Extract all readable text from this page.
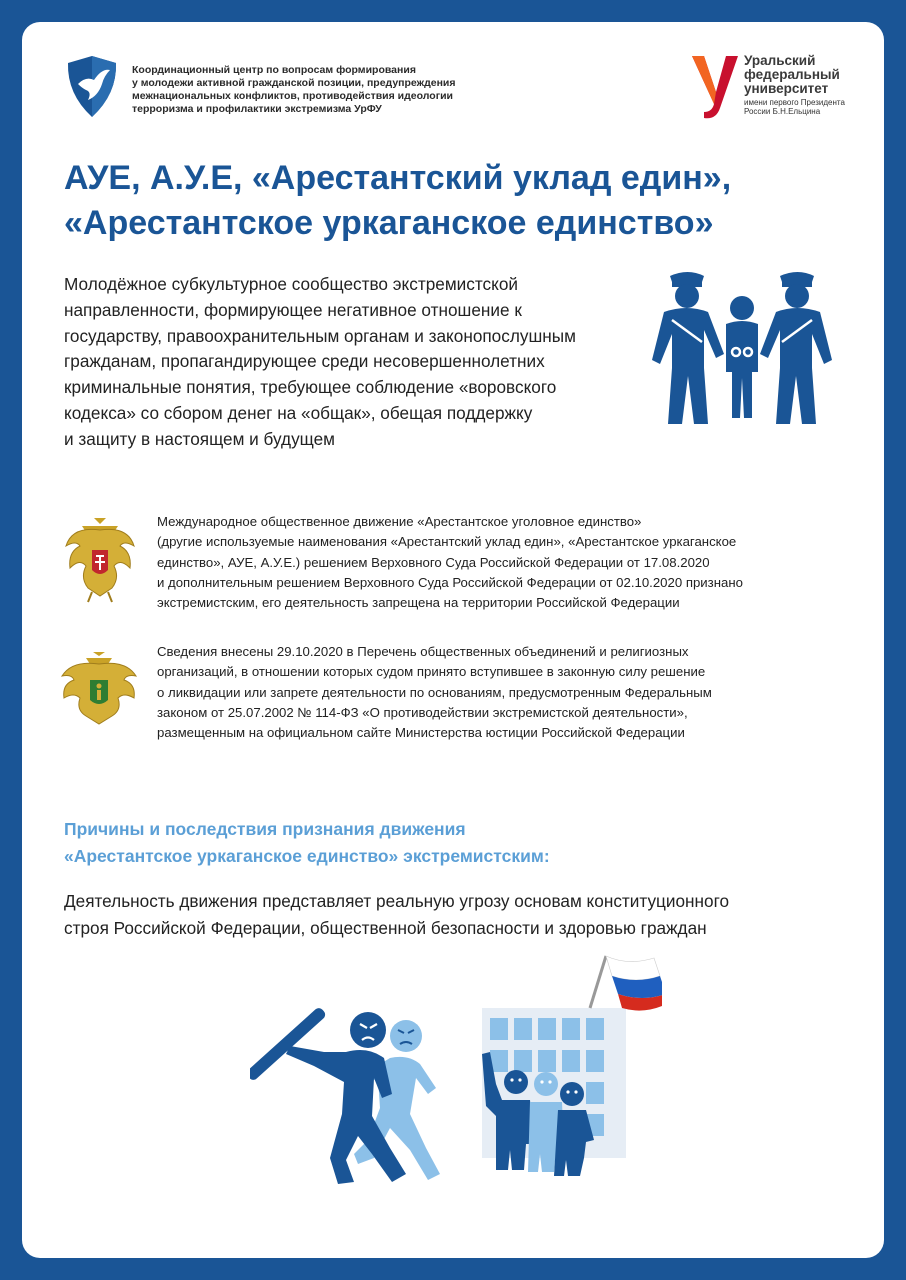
Координационный центр по вопросам формирования
у молодежи активной гражданской позиции, предупреждения
межнациональных конфликтов, противодействия идеологии
терроризма и профилактики экстремизма УрФУ
Уральский
федеральный
университет
имени первого Президента
России Б.Н.Ельцина
АУЕ, А.У.Е, «Арестантский уклад един»,
«Арестантское уркаганское единство»
Молодёжное субкультурное сообщество экстремистской
направленности, формирующее негативное отношение к
государству, правоохранительным органам и законопослушным
гражданам, пропагандирующее среди несовершеннолетних
криминальные понятия, требующее соблюдение «воровского
кодекса» со сбором денег на «общак», обещая поддержку
и защиту в настоящем и будущем
Международное общественное движение «Арестантское уголовное единство»
(другие используемые наименования «Арестантский уклад един», «Арестантское уркаганское
единство», АУЕ, А.У.Е.) решением Верховного Суда Российской Федерации от 17.08.2020
и дополнительным решением Верховного Суда Российской Федерации от 02.10.2020 признано
экстремистским, его деятельность запрещена на территории Российской Федерации
Сведения внесены 29.10.2020 в Перечень общественных объединений и религиозных
организаций, в отношении которых судом принято вступившее в законную силу решение
о ликвидации или запрете деятельности по основаниям, предусмотренным Федеральным
законом от 25.07.2002 № 114-ФЗ «О противодействии экстремистской деятельности»,
размещенным на официальном сайте Министерства юстиции Российской Федерации
Причины и последствия признания движения
«Арестантское уркаганское единство» экстремистским:
Деятельность движения представляет реальную угрозу основам конституционного
строя Российской Федерации, общественной безопасности и здоровью граждан
